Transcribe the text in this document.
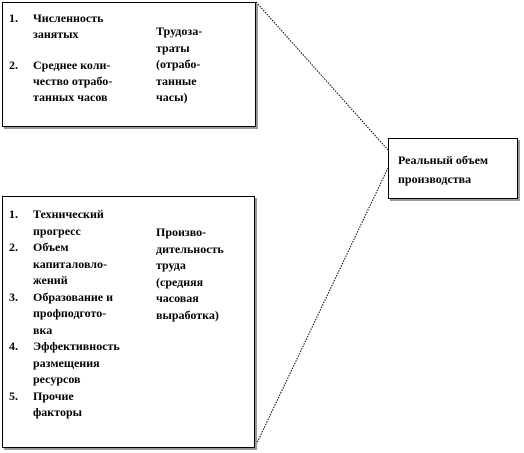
1. Численность
занятых
2. Среднее коли-
чество отрабо-
танных часов
Трудоза-
траты
(отрабо-
танные
часы)
1. Технический
прогресс
2. Объем
капиталовло-
жений
3. Образование и
профподгото-
вка
4. Эффективность
размещения
ресурсов
5. Прочие
факторы
Произво-
дительность
труда
(средняя
часовая
выработка)
Реальный объем
производства
